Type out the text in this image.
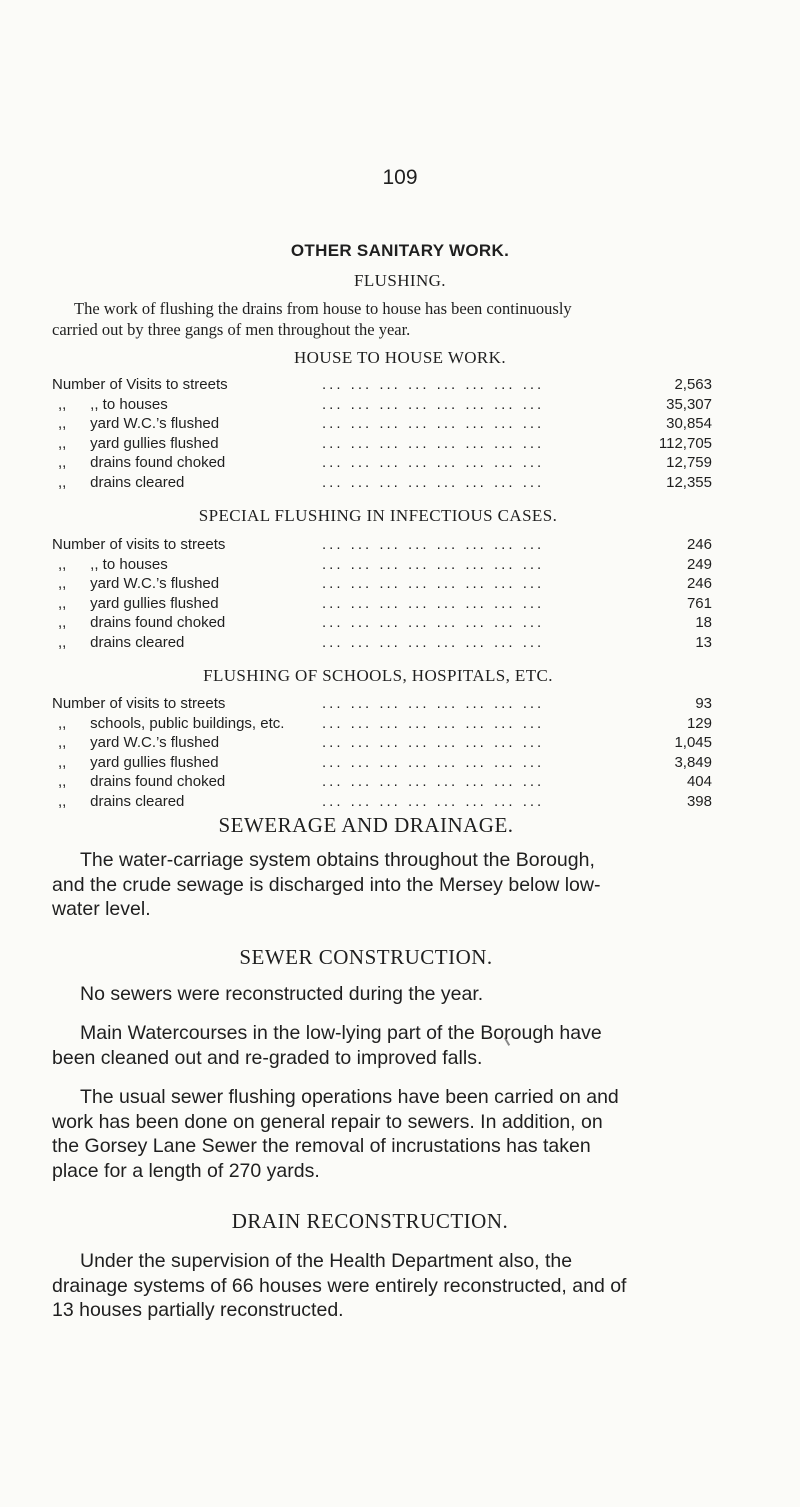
109
OTHER SANITARY WORK.
FLUSHING.
The work of flushing the drains from house to house has been continuously
carried out by three gangs of men throughout the year.
HOUSE TO HOUSE WORK.
Number of Visits to streets	... ... ... ... ... ... ... ...	2,563
,, ,, to houses	... ... ... ... ... ... ... ...	35,307
,, yard W.C.’s flushed	... ... ... ... ... ... ... ...	30,854
,, yard gullies flushed	... ... ... ... ... ... ... ...	112,705
,, drains found choked	... ... ... ... ... ... ... ...	12,759
,, drains cleared	... ... ... ... ... ... ... ...	12,355
SPECIAL FLUSHING IN INFECTIOUS CASES.
Number of visits to streets	... ... ... ... ... ... ... ...	246
,, ,, to houses	... ... ... ... ... ... ... ...	249
,, yard W.C.’s flushed	... ... ... ... ... ... ... ...	246
,, yard gullies flushed	... ... ... ... ... ... ... ...	761
,, drains found choked	... ... ... ... ... ... ... ...	18
,, drains cleared	... ... ... ... ... ... ... ...	13
FLUSHING OF SCHOOLS, HOSPITALS, ETC.
Number of visits to streets	... ... ... ... ... ... ... ...	93
,, schools, public buildings, etc.	... ... ... ... ... ... ... ...	129
,, yard W.C.’s flushed	... ... ... ... ... ... ... ...	1,045
,, yard gullies flushed	... ... ... ... ... ... ... ...	3,849
,, drains found choked	... ... ... ... ... ... ... ...	404
,, drains cleared	... ... ... ... ... ... ... ...	398
SEWERAGE AND DRAINAGE.
The water-carriage system obtains throughout the Borough,
and the crude sewage is discharged into the Mersey below low-
water level.
SEWER CONSTRUCTION.
No sewers were reconstructed during the year.
Main Watercourses in the low-lying part of the Borough have
been cleaned out and re-graded to improved falls.
The usual sewer flushing operations have been carried on and
work has been done on general repair to sewers. In addition, on
the Gorsey Lane Sewer the removal of incrustations has taken
place for a length of 270 yards.
DRAIN RECONSTRUCTION.
Under the supervision of the Health Department also, the
drainage systems of 66 houses were entirely reconstructed, and of
13 houses partially reconstructed.
